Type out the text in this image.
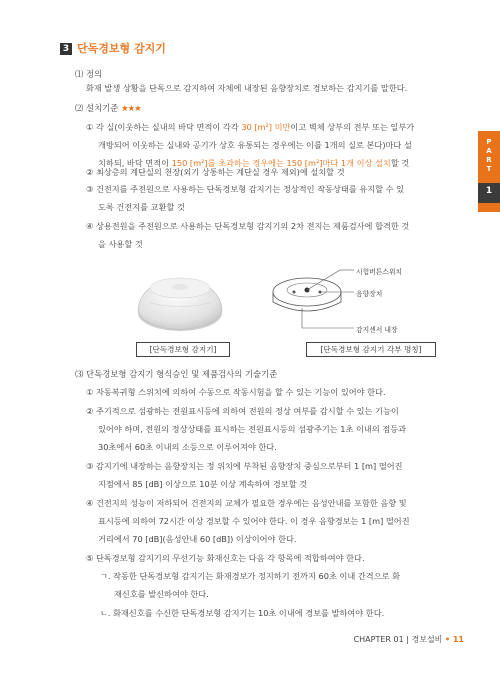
3 단독경보형 감지기
P
A
R
T
1
⑴ 정의
화재 발생 상황을 단독으로 감지하여 자체에 내장된 음향장치로 경보하는 감지기를 말한다.
⑵ 설치기준 ★★★
① 각 실(이웃하는 실내의 바닥 면적이 각각 30 [m²] 미만이고 벽체 상부의 전부 또는 일부가
개방되어 이웃하는 실내와 공기가 상호 유통되는 경우에는 이를 1개의 실로 본다)마다 설
치하되, 바닥 면적이 150 [m²]를 초과하는 경우에는 150 [m²]마다 1개 이상 설치할 것
② 최상층의 계단실의 천장(외기 상통하는 계단실 경우 제외)에 설치할 것
③ 건전지를 주전원으로 사용하는 단독경보형 감지기는 정상적인 작동상태를 유지할 수 있
도록 건전지를 교환할 것
④ 상용전원을 주전원으로 사용하는 단독경보형 감지기의 2차 전지는 제품검사에 합격한 것
을 사용할 것
[단독경보형 감지기]
시험버튼스위치
음향장치
감지센서 내장
[단독경보형 감지기 각부 명칭]
⑶ 단독경보형 감지기 형식승인 및 제품검사의 기술기준
① 자동복귀형 스위치에 의하여 수동으로 작동시험을 할 수 있는 기능이 있어야 한다.
② 주기적으로 섬광하는 전원표시등에 의하여 전원의 정상 여부를 감시할 수 있는 기능이
있어야 하며, 전원의 정상상태를 표시하는 전원표시등의 섬광주기는 1초 이내의 점등과
30초에서 60초 이내의 소등으로 이루어져야 한다.
③ 감지기에 내장하는 음향장치는 정 위치에 부착된 음향장치 중심으로부터 1 [m] 떨어진
지점에서 85 [dB] 이상으로 10분 이상 계속하여 경보할 것
④ 건전지의 성능이 저하되어 건전지의 교체가 필요한 경우에는 음성안내를 포함한 음향 및
표시등에 의하여 72시간 이상 경보할 수 있어야 한다. 이 경우 음향경보는 1 [m] 떨어진
거리에서 70 [dB](음성안내 60 [dB]) 이상이어야 한다.
⑤ 단독경보형 감지기의 무선기능 화재신호는 다음 각 항목에 적합하여야 한다.
ㄱ. 작동한 단독경보형 감지기는 화재경보가 정지하기 전까지 60초 이내 간격으로 화
재신호를 발신하여야 한다.
ㄴ. 화재신호를 수신한 단독경보형 감지기는 10초 이내에 경보를 발하여야 한다.
CHAPTER 01 | 경보설비 • 11
